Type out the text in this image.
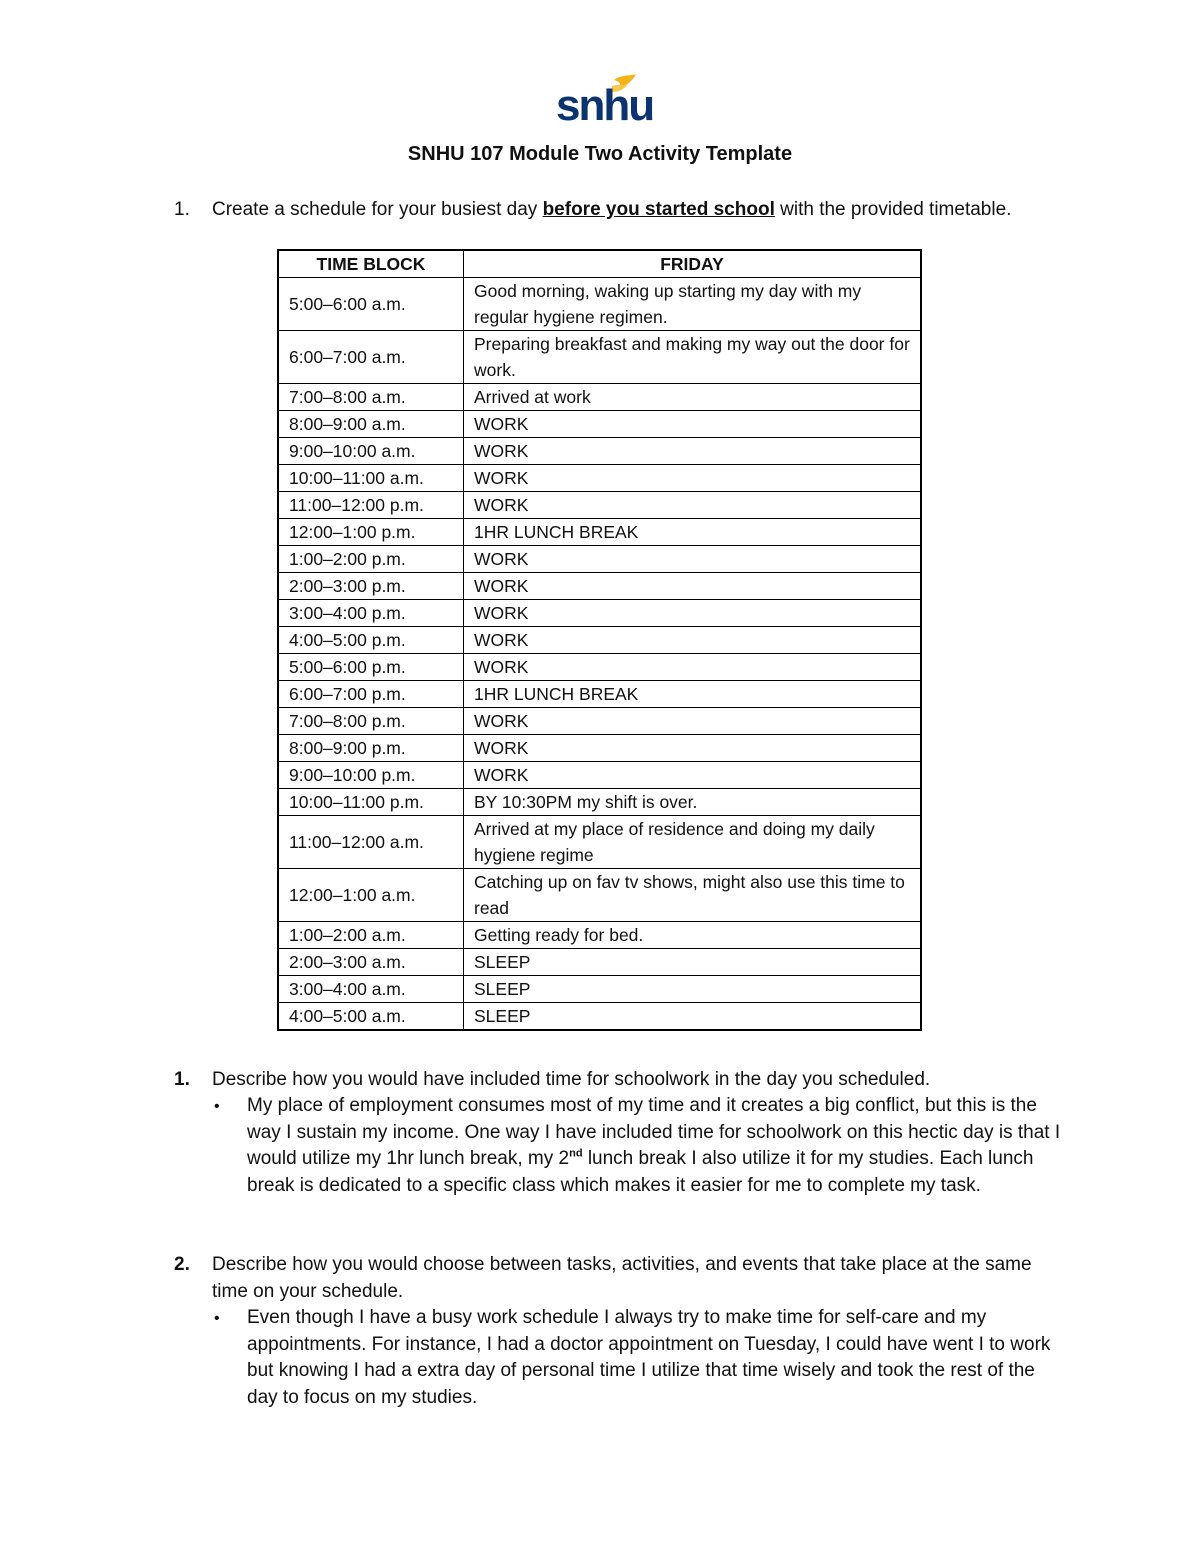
snhu
SNHU 107 Module Two Activity Template
1. Create a schedule for your busiest day before you started school with the provided timetable.
TIME BLOCK	FRIDAY
5:00–6:00 a.m.	Good morning, waking up starting my day with my regular hygiene regimen.
6:00–7:00 a.m.	Preparing breakfast and making my way out the door for work.
7:00–8:00 a.m.	Arrived at work
8:00–9:00 a.m.	WORK
9:00–10:00 a.m.	WORK
10:00–11:00 a.m.	WORK
11:00–12:00 p.m.	WORK
12:00–1:00 p.m.	1HR LUNCH BREAK
1:00–2:00 p.m.	WORK
2:00–3:00 p.m.	WORK
3:00–4:00 p.m.	WORK
4:00–5:00 p.m.	WORK
5:00–6:00 p.m.	WORK
6:00–7:00 p.m.	1HR LUNCH BREAK
7:00–8:00 p.m.	WORK
8:00–9:00 p.m.	WORK
9:00–10:00 p.m.	WORK
10:00–11:00 p.m.	BY 10:30PM my shift is over.
11:00–12:00 a.m.	Arrived at my place of residence and doing my daily hygiene regime
12:00–1:00 a.m.	Catching up on fav tv shows, might also use this time to read
1:00–2:00 a.m.	Getting ready for bed.
2:00–3:00 a.m.	SLEEP
3:00–4:00 a.m.	SLEEP
4:00–5:00 a.m.	SLEEP
1. Describe how you would have included time for schoolwork in the day you scheduled.
• My place of employment consumes most of my time and it creates a big conflict, but this is the way I sustain my income. One way I have included time for schoolwork on this hectic day is that I would utilize my 1hr lunch break, my 2nd lunch break I also utilize it for my studies. Each lunch break is dedicated to a specific class which makes it easier for me to complete my task.
2. Describe how you would choose between tasks, activities, and events that take place at the same time on your schedule.
• Even though I have a busy work schedule I always try to make time for self-care and my appointments. For instance, I had a doctor appointment on Tuesday, I could have went I to work but knowing I had a extra day of personal time I utilize that time wisely and took the rest of the day to focus on my studies.
